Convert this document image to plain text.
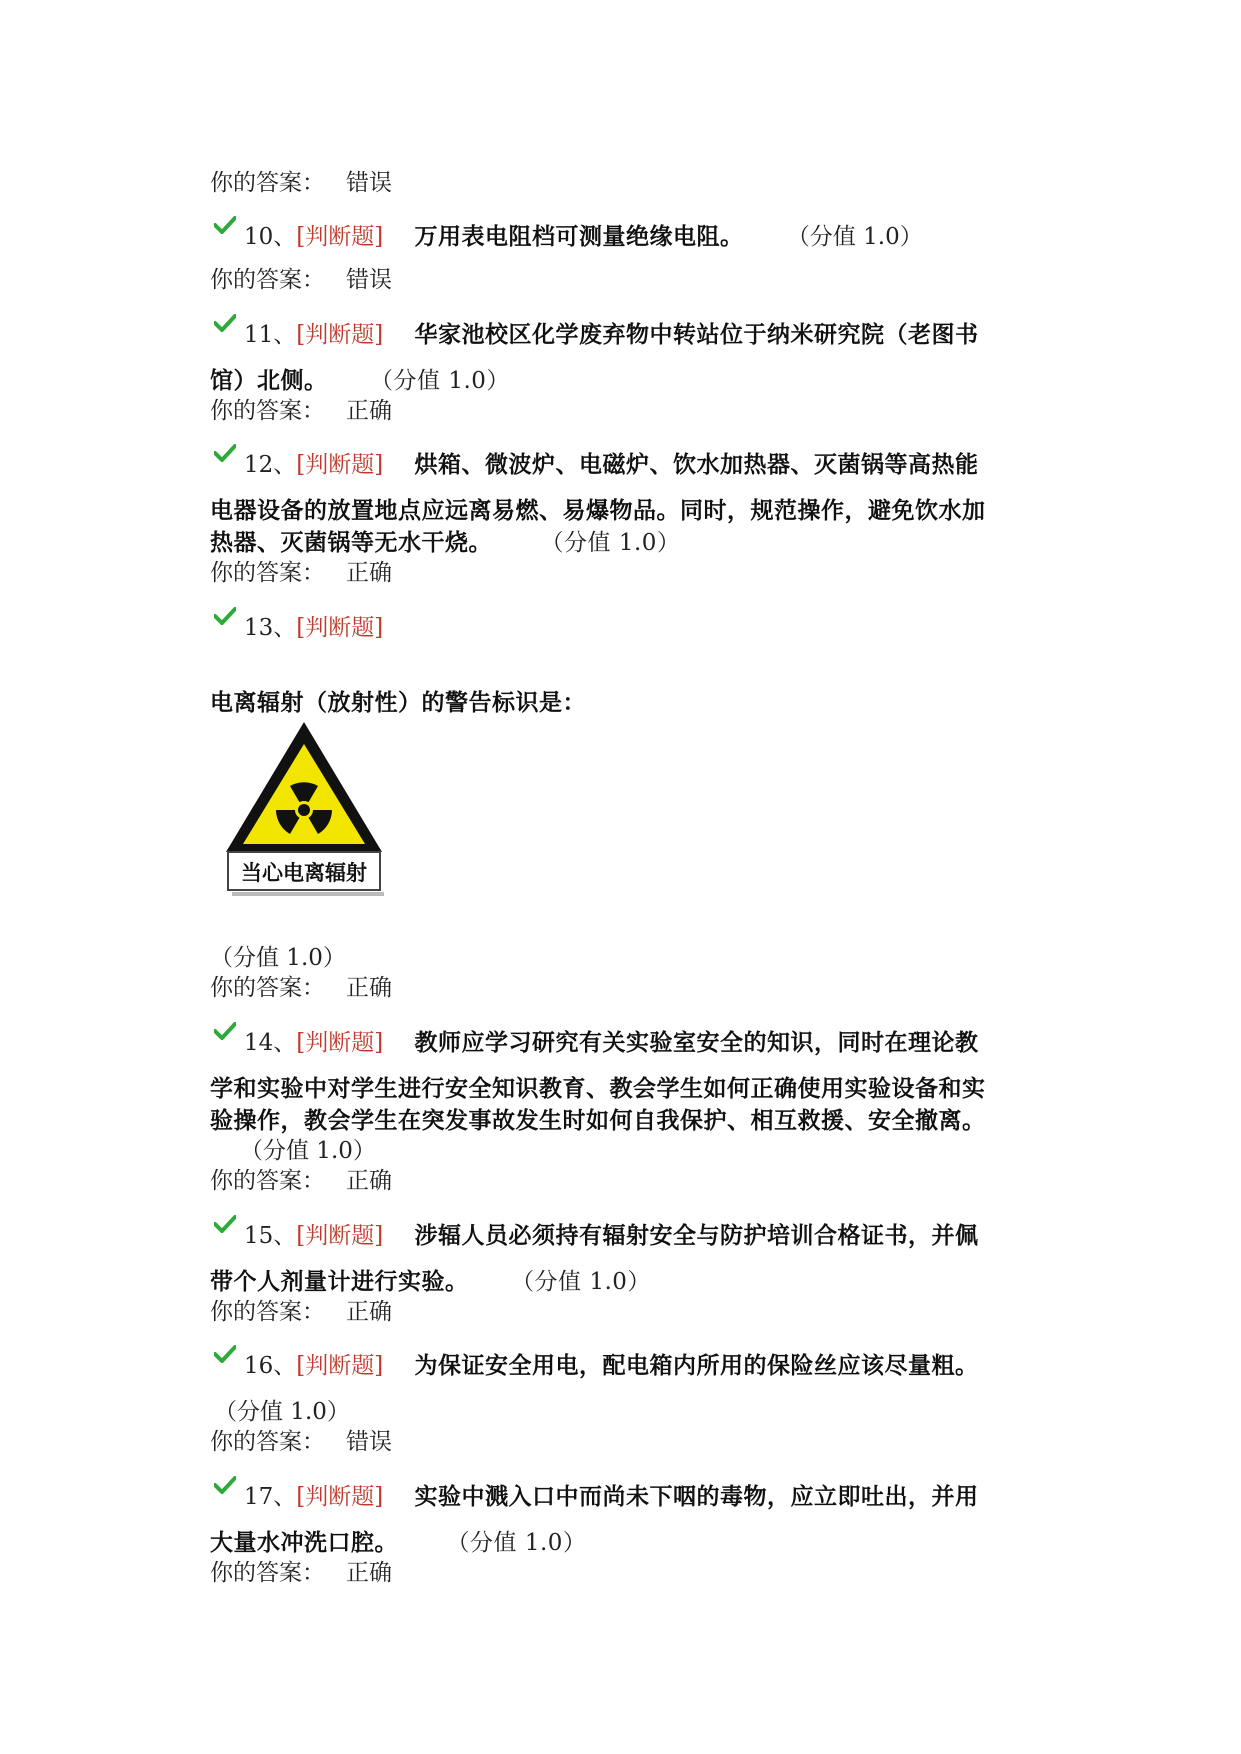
你的答案： 错误
10、[判断题] 万用表电阻档可测量绝缘电阻。 （分值 1.0）
你的答案： 错误
11、[判断题] 华家池校区化学废弃物中转站位于纳米研究院（老图书
馆）北侧。 （分值 1.0）
你的答案： 正确
12、[判断题] 烘箱、微波炉、电磁炉、饮水加热器、灭菌锅等高热能
电器设备的放置地点应远离易燃、易爆物品。同时，规范操作，避免饮水加
热器、灭菌锅等无水干烧。 （分值 1.0）
你的答案： 正确
13、[判断题]
电离辐射（放射性）的警告标识是：
当心电离辐射
（分值 1.0）
你的答案： 正确
14、[判断题] 教师应学习研究有关实验室安全的知识，同时在理论教
学和实验中对学生进行安全知识教育、教会学生如何正确使用实验设备和实
验操作，教会学生在突发事故发生时如何自我保护、相互救援、安全撤离。
（分值 1.0）
你的答案： 正确
15、[判断题] 涉辐人员必须持有辐射安全与防护培训合格证书，并佩
带个人剂量计进行实验。 （分值 1.0）
你的答案： 正确
16、[判断题] 为保证安全用电，配电箱内所用的保险丝应该尽量粗。
（分值 1.0）
你的答案： 错误
17、[判断题] 实验中溅入口中而尚未下咽的毒物，应立即吐出，并用
大量水冲洗口腔。 （分值 1.0）
你的答案： 正确
